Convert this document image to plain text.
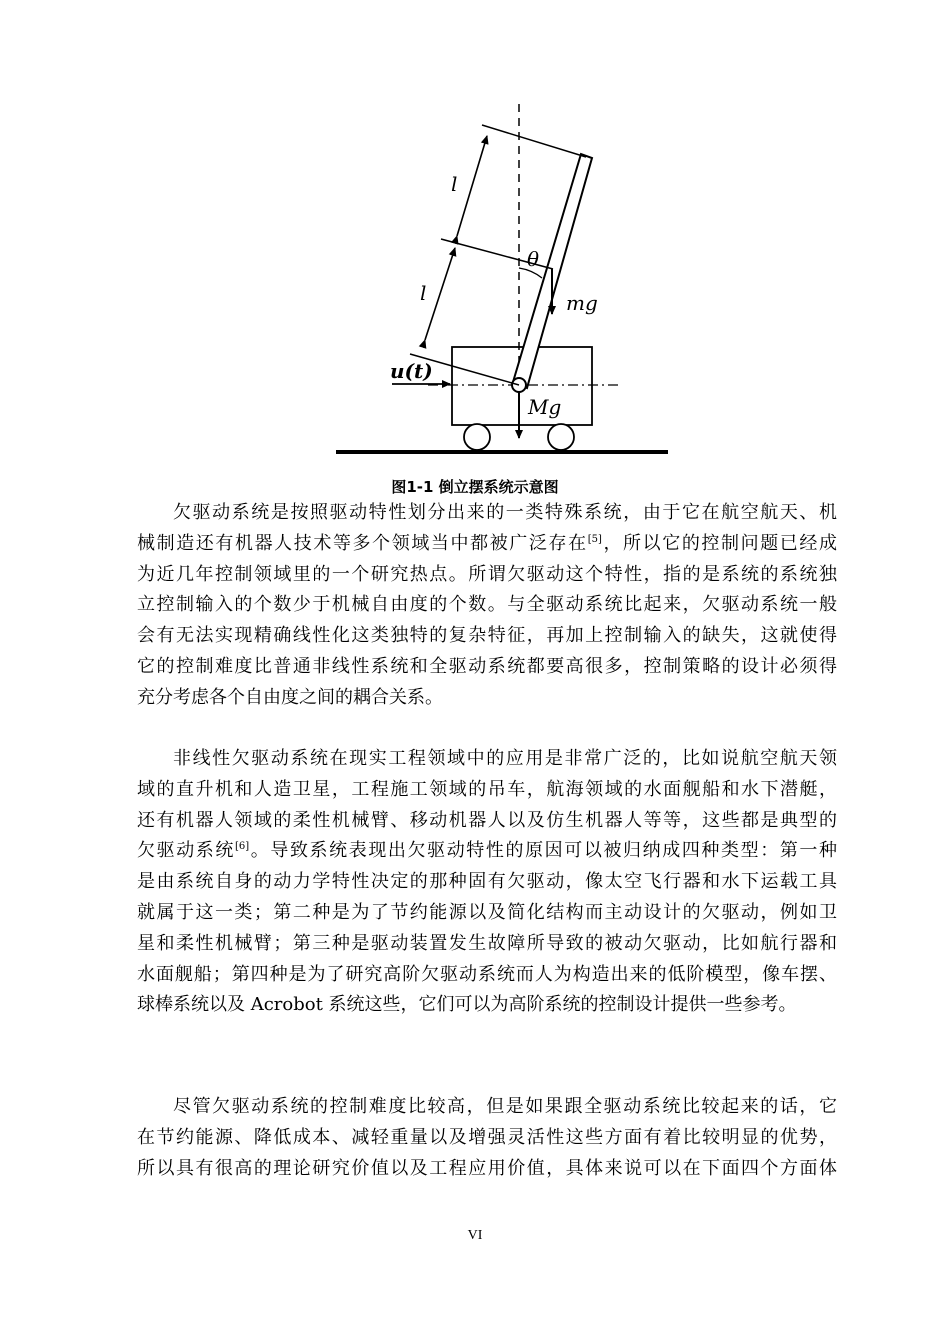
l
l
θ
mg
u(t)
Mg
图1-1 倒立摆系统示意图
欠驱动系统是按照驱动特性划分出来的一类特殊系统，由于它在航空航天、机
械制造还有机器人技术等多个领域当中都被广泛存在[5]，所以它的控制问题已经成
为近几年控制领域里的一个研究热点。所谓欠驱动这个特性，指的是系统的系统独
立控制输入的个数少于机械自由度的个数。与全驱动系统比起来，欠驱动系统一般
会有无法实现精确线性化这类独特的复杂特征，再加上控制输入的缺失，这就使得
它的控制难度比普通非线性系统和全驱动系统都要高很多，控制策略的设计必须得
充分考虑各个自由度之间的耦合关系。
非线性欠驱动系统在现实工程领域中的应用是非常广泛的，比如说航空航天领
域的直升机和人造卫星，工程施工领域的吊车，航海领域的水面舰船和水下潜艇，
还有机器人领域的柔性机械臂、移动机器人以及仿生机器人等等，这些都是典型的
欠驱动系统[6]。导致系统表现出欠驱动特性的原因可以被归纳成四种类型：第一种
是由系统自身的动力学特性决定的那种固有欠驱动，像太空飞行器和水下运载工具
就属于这一类；第二种是为了节约能源以及简化结构而主动设计的欠驱动，例如卫
星和柔性机械臂；第三种是驱动装置发生故障所导致的被动欠驱动，比如航行器和
水面舰船；第四种是为了研究高阶欠驱动系统而人为构造出来的低阶模型，像车摆、
球棒系统以及 Acrobot 系统这些，它们可以为高阶系统的控制设计提供一些参考。
尽管欠驱动系统的控制难度比较高，但是如果跟全驱动系统比较起来的话，它
在节约能源、降低成本、减轻重量以及增强灵活性这些方面有着比较明显的优势，
所以具有很高的理论研究价值以及工程应用价值，具体来说可以在下面四个方面体
VI
